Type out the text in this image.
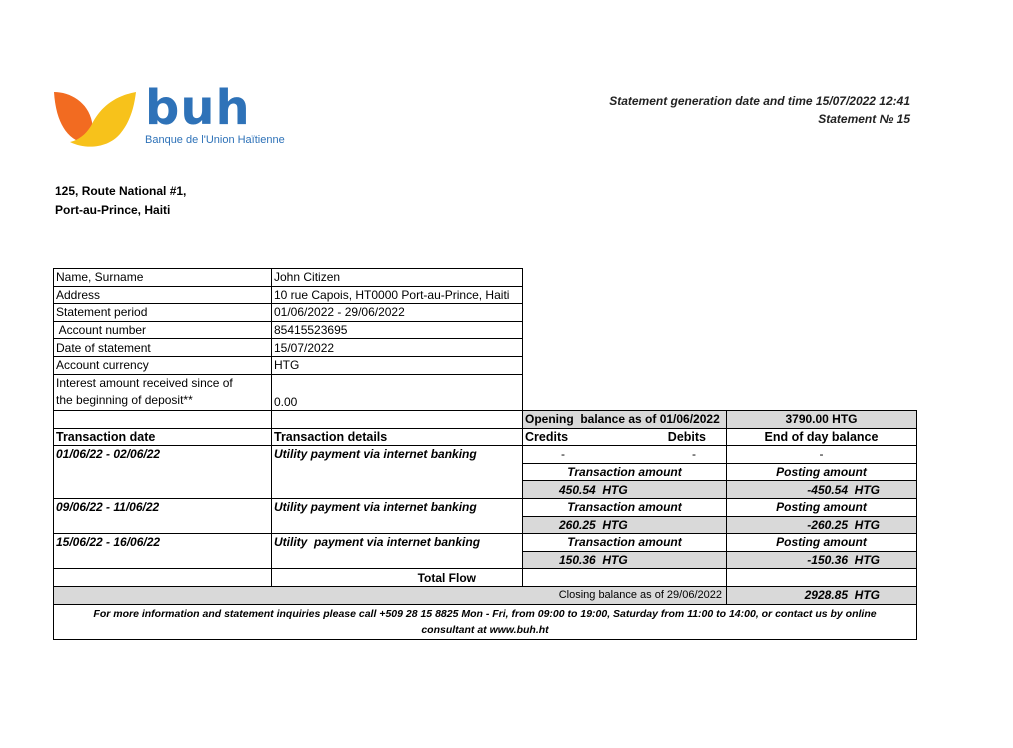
buh
Banque de l'Union Haïtienne
Statement generation date and time 15/07/2022 12:41
Statement № 15
125, Route National #1,
Port-au-Prince, Haiti
Name, Surname	John Citizen
Address	10 rue Capois, HT0000 Port-au-Prince, Haiti
Statement period	01/06/2022 - 29/06/2022
Account number	85415523695
Date of statement	15/07/2022
Account currency	HTG

Interest amount received since of
the beginning of deposit**	0.00
		Opening  balance as of 01/06/2022	3790.00 HTG
Transaction date	Transaction details	Credits Debits	End of day balance
01/06/22 - 02/06/22	Utility payment via internet banking	- -	-
		Transaction amount	Posting amount
		450.54  HTG	-450.54  HTG
09/06/22 - 11/06/22	Utility payment via internet banking	Transaction amount	Posting amount
		260.25  HTG	-260.25  HTG
15/06/22 - 16/06/22	Utility  payment via internet banking	Transaction amount	Posting amount
		150.36  HTG	-150.36  HTG
	Total Flow		
Closing balance as of 29/06/2022			2928.85  HTG

For more information and statement inquiries please call +509 28 15 8825 Mon - Fri, from 09:00 to 19:00, Saturday from 11:00 to 14:00, or contact us by online
consultant at www.buh.ht			
